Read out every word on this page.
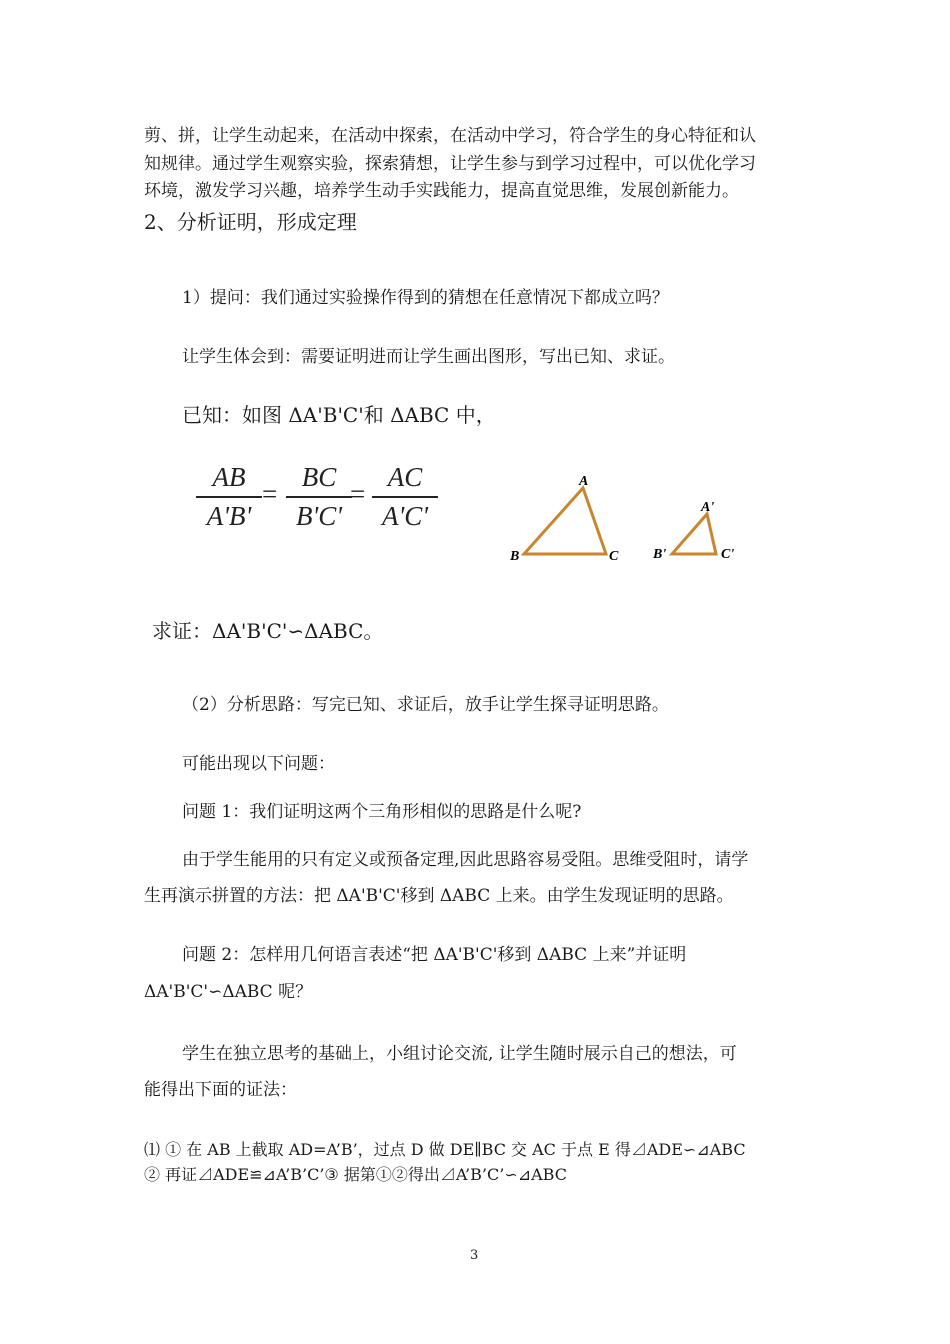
剪、拼，让学生动起来，在活动中探索，在活动中学习，符合学生的身心特征和认
知规律。通过学生观察实验，探索猜想，让学生参与到学习过程中，可以优化学习
环境，激发学习兴趣，培养学生动手实践能力，提高直觉思维，发展创新能力。
2、分析证明，形成定理
1）提问：我们通过实验操作得到的猜想在任意情况下都成立吗？
让学生体会到：需要证明进而让学生画出图形，写出已知、求证。
已知：如图 ΔA'B'C'和 ΔABC 中，
AB
A'B'
=
BC
B'C'
=
AC
A'C'
A
B	C
A'
B'	C'
求证：ΔA'B'C'∽ΔABC。
（2）分析思路：写完已知、求证后，放手让学生探寻证明思路。
可能出现以下问题：
问题 1：我们证明这两个三角形相似的思路是什么呢?
由于学生能用的只有定义或预备定理,因此思路容易受阻。思维受阻时，请学
生再演示拼置的方法：把 ΔA'B'C'移到 ΔABC 上来。由学生发现证明的思路。
问题 2：怎样用几何语言表述“把 ΔA'B'C'移到 ΔABC 上来”并证明
ΔA'B'C'∽ΔABC 呢？
学生在独立思考的基础上，小组讨论交流, 让学生随时展示自己的想法，可
能得出下面的证法：
⑴ ① 在 AB 上截取 AD=A’B’，过点 D 做 DE∥BC 交 AC 于点 E 得⊿ADE∽⊿ABC
② 再证⊿ADE≌⊿A’B’C’③ 据第①②得出⊿A’B’C’∽⊿ABC
3
